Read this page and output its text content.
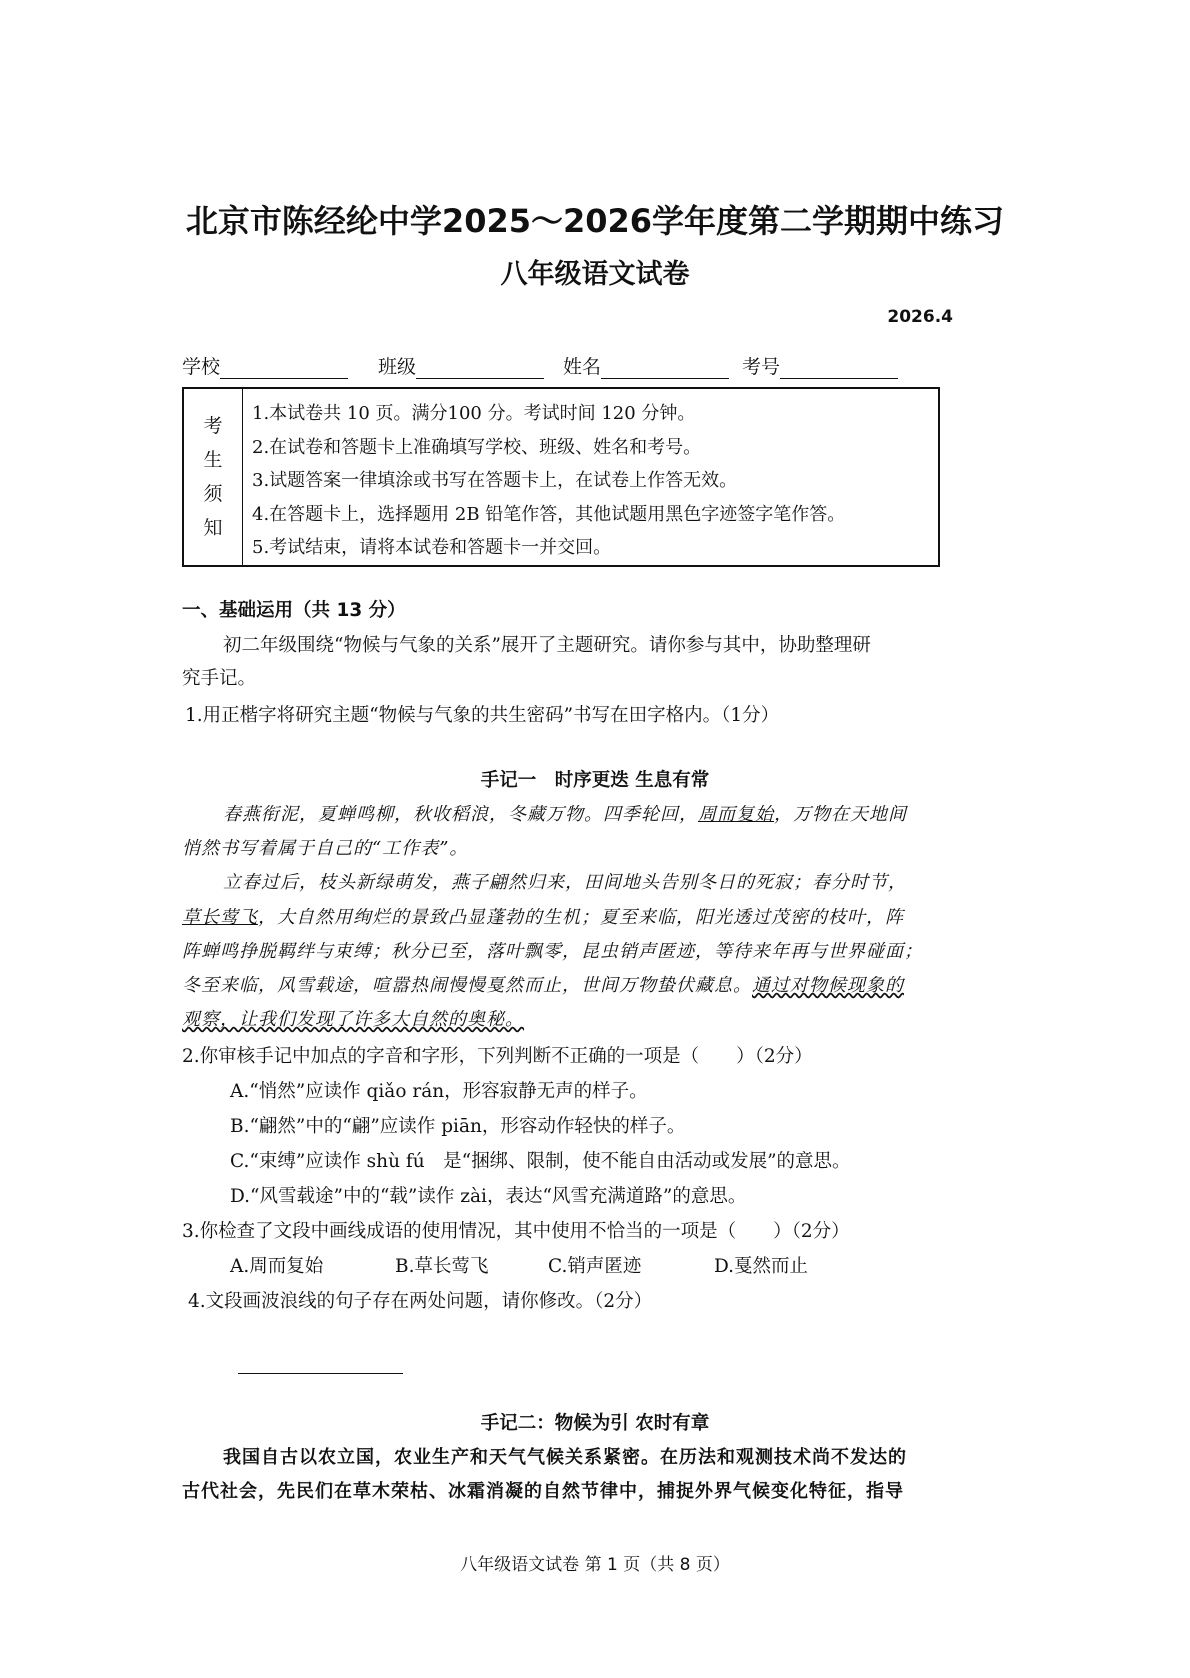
北京市陈经纶中学2025～2026学年度第二学期期中练习
八年级语文试卷
2026.4
学校	班级	姓名	考号
考
生
须
知
1.本试卷共 10 页。满分100 分。考试时间 120 分钟。
2.在试卷和答题卡上准确填写学校、班级、姓名和考号。
3.试题答案一律填涂或书写在答题卡上，在试卷上作答无效。
4.在答题卡上，选择题用 2B 铅笔作答，其他试题用黑色字迹签字笔作答。
5.考试结束，请将本试卷和答题卡一并交回。
一、基础运用（共 13 分）
初二年级围绕“物候与气象的关系”展开了主题研究。请你参与其中，协助整理研
究手记。
1.用正楷字将研究主题“物候与气象的共生密码”书写在田字格内。（1分）
手记一　时序更迭 生息有常
春燕衔泥，夏蝉鸣柳，秋收稻浪，冬藏万物。四季轮回，周而复始，万物在天地间
悄然书写着属于自己的“工作表”。
立春过后，枝头新绿萌发，燕子翩然归来，田间地头告别冬日的死寂；春分时节，
草长莺飞，大自然用绚烂的景致凸显蓬勃的生机；夏至来临，阳光透过茂密的枝叶，阵
阵蝉鸣挣脱羁绊与束缚；秋分已至，落叶飘零，昆虫销声匿迹，等待来年再与世界碰面；
冬至来临，风雪载途，喧嚣热闹慢慢戛然而止，世间万物蛰伏藏息。通过对物候现象的
观察，让我们发现了许多大自然的奥秘。
2.你审核手记中加点的字音和字形，下列判断不正确的一项是（　　）（2分）
A.“悄然”应读作 qiǎo rán，形容寂静无声的样子。
B.“翩然”中的“翩”应读作 piān，形容动作轻快的样子。
C.“束缚”应读作 shù fú　是“捆绑、限制，使不能自由活动或发展”的意思。
D.“风雪载途”中的“载”读作 zài，表达“风雪充满道路”的意思。
3.你检查了文段中画线成语的使用情况，其中使用不恰当的一项是（　　）（2分）
A.周而复始	B.草长莺飞	C.销声匿迹	D.戛然而止
4.文段画波浪线的句子存在两处问题，请你修改。（2分）
手记二：物候为引 农时有章
我国自古以农立国，农业生产和天气气候关系紧密。在历法和观测技术尚不发达的
古代社会，先民们在草木荣枯、冰霜消凝的自然节律中，捕捉外界气候变化特征，指导
八年级语文试卷 第 1 页（共 8 页）
